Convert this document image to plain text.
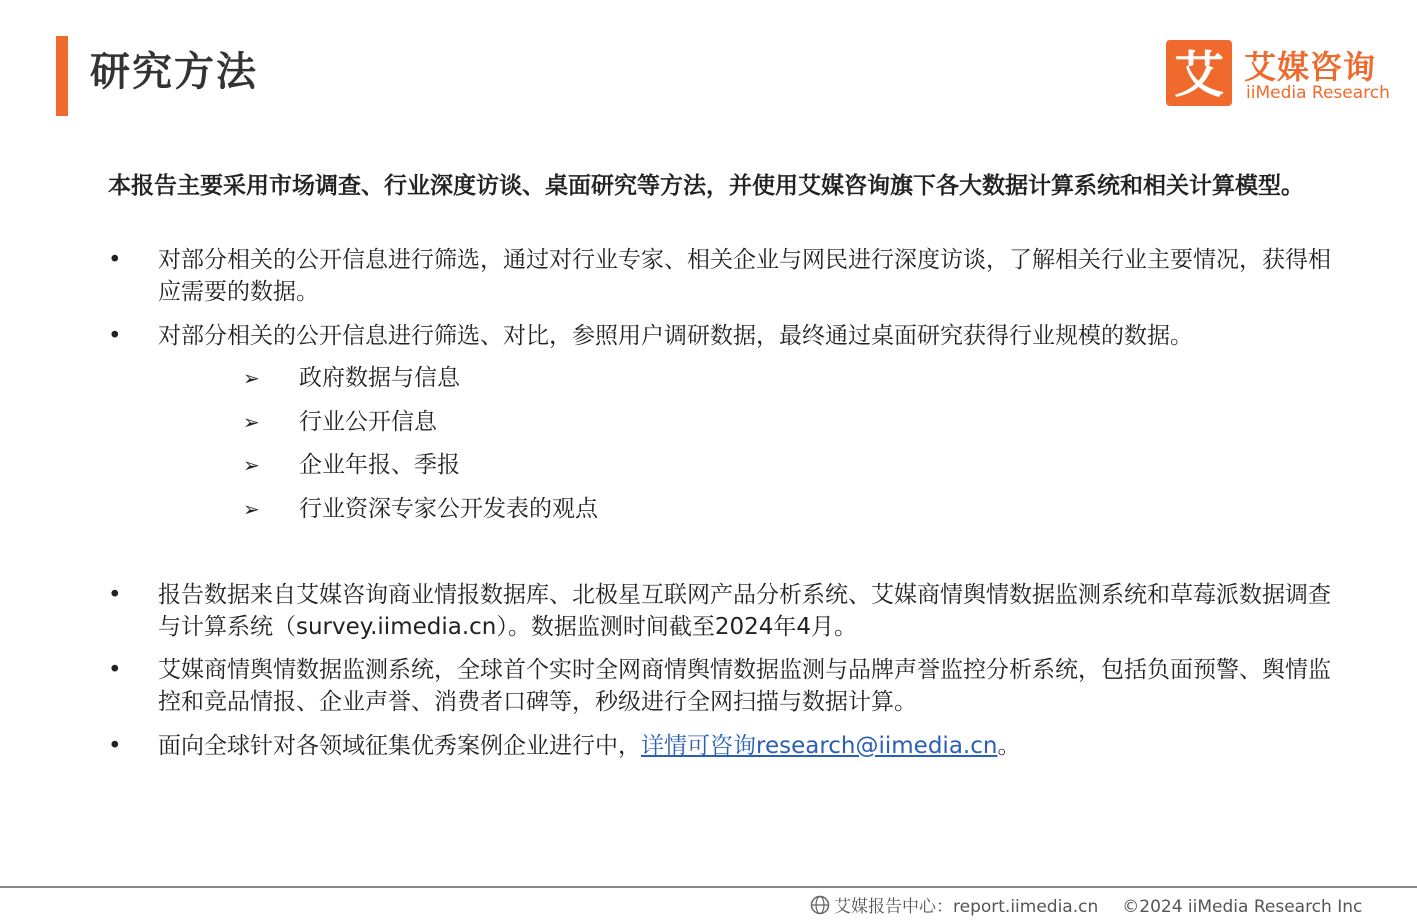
研究方法	艾 艾媒咨询
iiMedia Research
本报告主要采用市场调查、行业深度访谈、桌面研究等方法，并使用艾媒咨询旗下各大数据计算系统和相关计算模型。
• 对部分相关的公开信息进行筛选，通过对行业专家、相关企业与网民进行深度访谈，了解相关行业主要情况，获得相应需要的数据。
• 对部分相关的公开信息进行筛选、对比，参照用户调研数据，最终通过桌面研究获得行业规模的数据。
➢ 政府数据与信息
➢ 行业公开信息
➢ 企业年报、季报
➢ 行业资深专家公开发表的观点
• 报告数据来自艾媒咨询商业情报数据库、北极星互联网产品分析系统、艾媒商情舆情数据监测系统和草莓派数据调查与计算系统（survey.iimedia.cn）。数据监测时间截至2024年4月。
• 艾媒商情舆情数据监测系统，全球首个实时全网商情舆情数据监测与品牌声誉监控分析系统，包括负面预警、舆情监控和竞品情报、企业声誉、消费者口碑等，秒级进行全网扫描与数据计算。
• 面向全球针对各领域征集优秀案例企业进行中，详情可咨询research@iimedia.cn。
艾媒报告中心：report.iimedia.cn ©2024 iiMedia Research Inc
